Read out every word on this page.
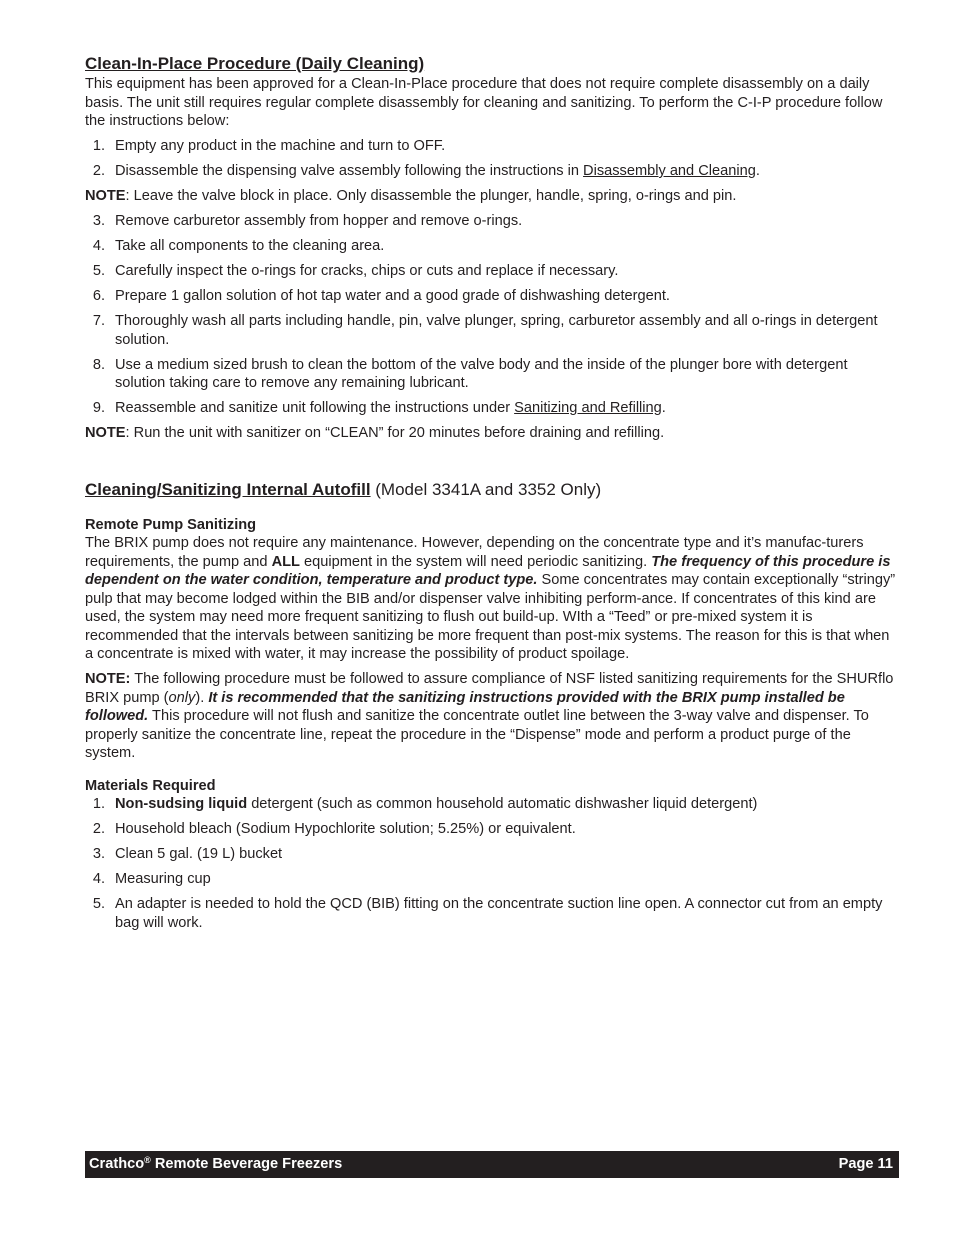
Clean-In-Place Procedure (Daily Cleaning)

This equipment has been approved for a Clean-In-Place procedure that does not require complete disassembly on a daily basis. The unit still requires regular complete disassembly for cleaning and sanitizing. To perform the C-I-P procedure follow the instructions below:

1. Empty any product in the machine and turn to OFF.
2. Disassemble the dispensing valve assembly following the instructions in Disassembly and Cleaning.

NOTE: Leave the valve block in place. Only disassemble the plunger, handle, spring, o-rings and pin.

3. Remove carburetor assembly from hopper and remove o-rings.
4. Take all components to the cleaning area.
5. Carefully inspect the o-rings for cracks, chips or cuts and replace if necessary.
6. Prepare 1 gallon solution of hot tap water and a good grade of dishwashing detergent.
7. Thoroughly wash all parts including handle, pin, valve plunger, spring, carburetor assembly and all o-rings in detergent solution.
8. Use a medium sized brush to clean the bottom of the valve body and the inside of the plunger bore with detergent solution taking care to remove any remaining lubricant.
9. Reassemble and sanitize unit following the instructions under Sanitizing and Refilling.

NOTE: Run the unit with sanitizer on “CLEAN” for 20 minutes before draining and refilling.

Cleaning/Sanitizing Internal Autofill (Model 3341A and 3352 Only)
Remote Pump Sanitizing

The BRIX pump does not require any maintenance. However, depending on the concentrate type and it’s manufac-turers requirements, the pump and ALL equipment in the system will need periodic sanitizing. The frequency of this procedure is dependent on the water condition, temperature and product type. Some concentrates may contain exceptionally “stringy” pulp that may become lodged within the BIB and/or dispenser valve inhibiting perform-ance. If concentrates of this kind are used, the system may need more frequent sanitizing to flush out build-up. WIth a “Teed” or pre-mixed system it is recommended that the intervals between sanitizing be more frequent than post-mix systems. The reason for this is that when a concentrate is mixed with water, it may increase the possibility of product spoilage.

NOTE: The following procedure must be followed to assure compliance of NSF listed sanitizing requirements for the SHURflo BRIX pump (only). It is recommended that the sanitizing instructions provided with the BRIX pump installed be followed. This procedure will not flush and sanitize the concentrate outlet line between the 3-way valve and dispenser. To properly sanitize the concentrate line, repeat the procedure in the “Dispense” mode and perform a product purge of the system.

Materials Required
1. Non-sudsing liquid detergent (such as common household automatic dishwasher liquid detergent)
2. Household bleach (Sodium Hypochlorite solution; 5.25%) or equivalent.
3. Clean 5 gal. (19 L) bucket
4. Measuring cup
5. An adapter is needed to hold the QCD (BIB) fitting on the concentrate suction line open. A connector cut from an empty bag will work.
Crathco® Remote Beverage Freezers	Page 11
